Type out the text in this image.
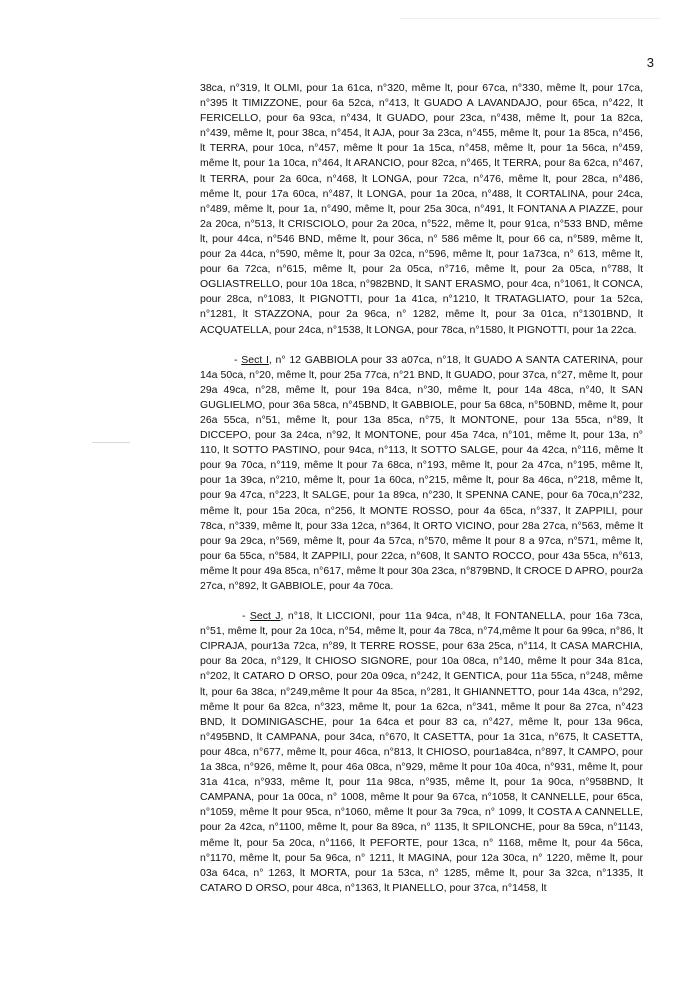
3

38ca, n°319, lt OLMI, pour 1a 61ca, n°320, même lt, pour 67ca, n°330, même lt, pour 17ca, n°395 lt TIMIZZONE, pour 6a 52ca, n°413, lt GUADO A LAVANDAJO, pour 65ca, n°422, lt FERICELLO, pour 6a 93ca, n°434, lt GUADO, pour 23ca, n°438, même lt, pour 1a 82ca, n°439, même lt, pour 38ca, n°454, lt AJA, pour 3a 23ca, n°455, même lt, pour 1a 85ca, n°456, lt TERRA, pour 10ca, n°457, même lt pour 1a 15ca, n°458, même lt, pour 1a 56ca, n°459, même lt, pour 1a 10ca, n°464, lt ARANCIO, pour 82ca, n°465, lt TERRA, pour 8a 62ca, n°467, lt TERRA, pour 2a 60ca, n°468, lt LONGA, pour 72ca, n°476, même lt, pour 28ca, n°486, même lt, pour 17a 60ca, n°487, lt LONGA, pour 1a 20ca, n°488, lt CORTALINA, pour 24ca, n°489, même lt, pour 1a, n°490, même lt, pour 25a 30ca, n°491, lt FONTANA A PIAZZE, pour 2a 20ca, n°513, lt CRISCIOLO, pour 2a 20ca, n°522, même lt, pour 91ca, n°533 BND, même lt, pour 44ca, n°546 BND, même lt, pour 36ca, n° 586 même lt, pour 66 ca, n°589, même lt, pour 2a 44ca, n°590, même lt, pour 3a 02ca, n°596, même lt, pour 1a73ca, n° 613, même lt, pour 6a 72ca, n°615, même lt, pour 2a 05ca, n°716, même lt, pour 2a 05ca, n°788, lt OGLIASTRELLO, pour 10a 18ca, n°982BND, lt SANT ERASMO, pour 4ca, n°1061, lt CONCA, pour 28ca, n°1083, lt PIGNOTTI, pour 1a 41ca, n°1210, lt TRATAGLIATO, pour 1a 52ca, n°1281, lt STAZZONA, pour 2a 96ca, n° 1282, même lt, pour 3a 01ca, n°1301BND, lt ACQUATELLA, pour 24ca, n°1538, lt LONGA, pour 78ca, n°1580, lt PIGNOTTI, pour 1a 22ca.

- Sect I, n° 12 GABBIOLA pour 33 a07ca, n°18, lt GUADO A SANTA CATERINA, pour 14a 50ca, n°20, même lt, pour 25a 77ca, n°21 BND, lt GUADO, pour 37ca, n°27, même lt, pour 29a 49ca, n°28, même lt, pour 19a 84ca, n°30, même lt, pour 14a 48ca, n°40, lt SAN GUGLIELMO, pour 36a 58ca, n°45BND, lt GABBIOLE, pour 5a 68ca, n°50BND, même lt, pour 26a 55ca, n°51, même lt, pour 13a 85ca, n°75, lt MONTONE, pour 13a 55ca, n°89, lt DICCEPO, pour 3a 24ca, n°92, lt MONTONE, pour 45a 74ca, n°101, même lt, pour 13a, n° 110, lt SOTTO PASTINO, pour 94ca, n°113, lt SOTTO SALGE, pour 4a 42ca, n°116, même lt pour 9a 70ca, n°119, même lt pour 7a 68ca, n°193, même lt, pour 2a 47ca, n°195, même lt, pour 1a 39ca, n°210, même lt, pour 1a 60ca, n°215, même lt, pour 8a 46ca, n°218, même lt, pour 9a 47ca, n°223, lt SALGE, pour 1a 89ca, n°230, lt SPENNA CANE, pour 6a 70ca,n°232, même lt, pour 15a 20ca, n°256, lt MONTE ROSSO, pour 4a 65ca, n°337, lt ZAPPILI, pour 78ca, n°339, même lt, pour 33a 12ca, n°364, lt ORTO VICINO, pour 28a 27ca, n°563, même lt pour 9a 29ca, n°569, même lt, pour 4a 57ca, n°570, même lt pour 8 a 97ca, n°571, même lt, pour 6a 55ca, n°584, lt ZAPPILI, pour 22ca, n°608, lt SANTO ROCCO, pour 43a 55ca, n°613, même lt pour 49a 85ca, n°617, même lt pour 30a 23ca, n°879BND, lt CROCE D APRO, pour2a 27ca, n°892, lt GABBIOLE, pour 4a 70ca.

- Sect J, n°18, lt LICCIONI, pour 11a 94ca, n°48, lt FONTANELLA, pour 16a 73ca, n°51, même lt, pour 2a 10ca, n°54, même lt, pour 4a 78ca, n°74,même lt pour 6a 99ca, n°86, lt CIPRAJA, pour13a 72ca, n°89, lt TERRE ROSSE, pour 63a 25ca, n°114, lt CASA MARCHIA, pour 8a 20ca, n°129, lt CHIOSO SIGNORE, pour 10a 08ca, n°140, même lt pour 34a 81ca, n°202, lt CATARO D ORSO, pour 20a 09ca, n°242, lt GENTICA, pour 11a 55ca, n°248, même lt, pour 6a 38ca, n°249,même lt pour 4a 85ca, n°281, lt GHIANNETTO, pour 14a 43ca, n°292, même lt pour 6a 82ca, n°323, même lt, pour 1a 62ca, n°341, même lt pour 8a 27ca, n°423 BND, lt DOMINIGASCHE, pour 1a 64ca et pour 83 ca, n°427, même lt, pour 13a 96ca, n°495BND, lt CAMPANA, pour 34ca, n°670, lt CASETTA, pour 1a 31ca, n°675, lt CASETTA, pour 48ca, n°677, même lt, pour 46ca, n°813, lt CHIOSO, pour1a84ca, n°897, lt CAMPO, pour 1a 38ca, n°926, même lt, pour 46a 08ca, n°929, même lt pour 10a 40ca, n°931, même lt, pour 31a 41ca, n°933, même lt, pour 11a 98ca, n°935, même lt, pour 1a 90ca, n°958BND, lt CAMPANA, pour 1a 00ca, n° 1008, même lt pour 9a 67ca, n°1058, lt CANNELLE, pour 65ca, n°1059, même lt pour 95ca, n°1060, même lt pour 3a 79ca, n° 1099, lt COSTA A CANNELLE, pour 2a 42ca, n°1100, même lt, pour 8a 89ca, n° 1135, lt SPILONCHE, pour 8a 59ca, n°1143, même lt, pour 5a 20ca, n°1166, lt PEFORTE, pour 13ca, n° 1168, même lt, pour 4a 56ca, n°1170, même lt, pour 5a 96ca, n° 1211, lt MAGINA, pour 12a 30ca, n° 1220, même lt, pour 03a 64ca, n° 1263, lt MORTA, pour 1a 53ca, n° 1285, même lt, pour 3a 32ca, n°1335, lt CATARO D ORSO, pour 48ca, n°1363, lt PIANELLO, pour 37ca, n°1458, lt
